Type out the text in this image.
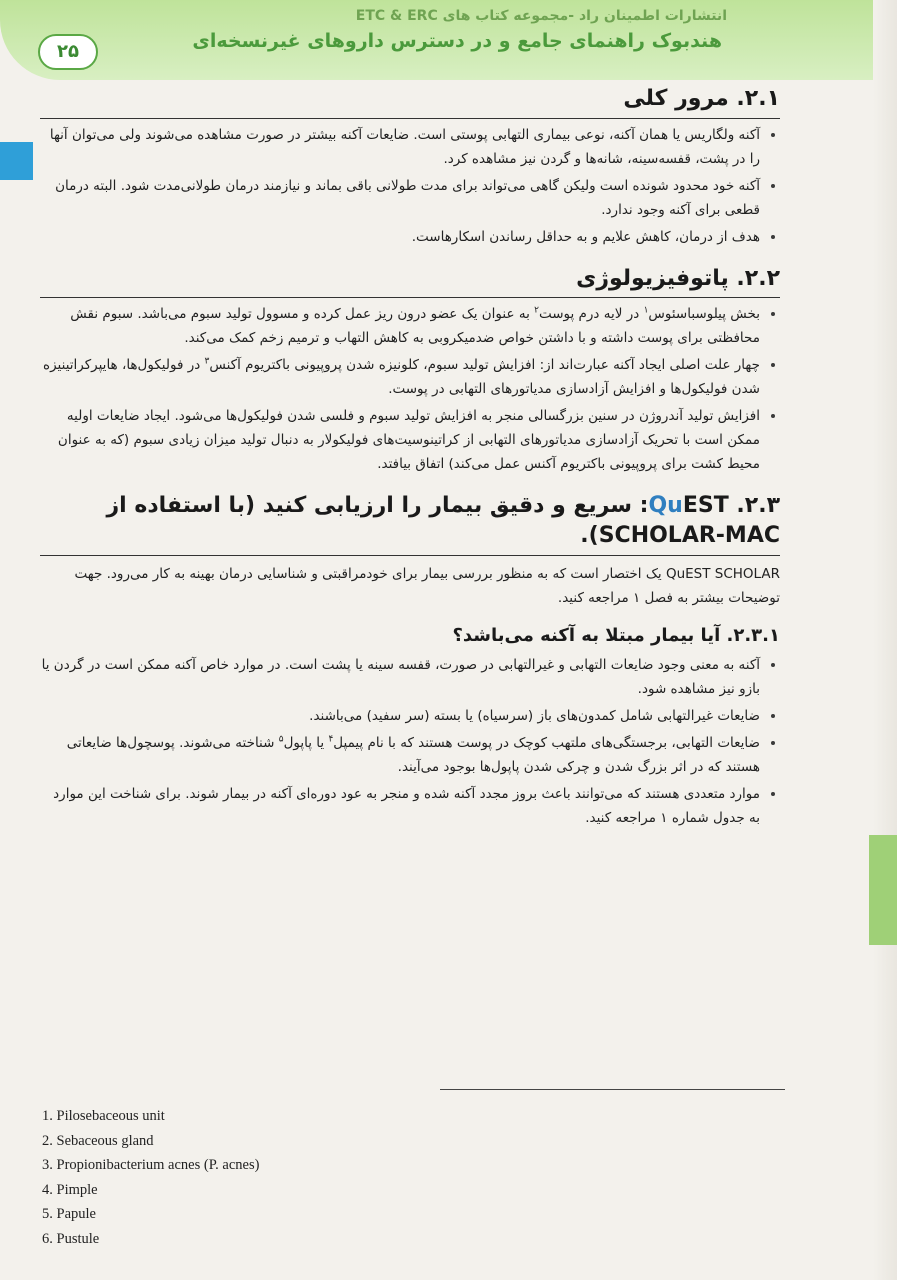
انتشارات اطمینان راد -مجموعه کتاب های ETC & ERC
هندبوک راهنمای جامع و در دسترس داروهای غیرنسخه‌ای
۲۵
۲.۱. مرور کلی
• آکنه ولگاریس یا همان آکنه، نوعی بیماری التهابی پوستی است. ضایعات آکنه بیشتر در صورت مشاهده می‌شوند ولی می‌توان آنها را در پشت، قفسه‌سینه، شانه‌ها و گردن نیز مشاهده کرد.
• آکنه خود محدود شونده است ولیکن گاهی می‌تواند برای مدت طولانی باقی بماند و نیازمند درمان طولانی‌مدت شود. البته درمان قطعی برای آکنه وجود ندارد.
• هدف از درمان، کاهش علایم و به حداقل رساندن اسکارهاست.
۲.۲. پاتوفیزیولوژی
• بخش پیلوسباسئوس$^۱$ در لایه درم پوست$^۲$ به عنوان یک عضو درون ریز عمل کرده و مسوول تولید سبوم می‌باشد. سبوم نقش محافظتی برای پوست داشته و با داشتن خواص ضدمیکروبی به کاهش التهاب و ترمیم زخم کمک می‌کند.
• چهار علت اصلی ایجاد آکنه عبارت‌اند از: افزایش تولید سبوم، کلونیزه شدن پروپیونی باکتریوم آکنس$^۳$ در فولیکول‌ها، هایپرکراتینیزه شدن فولیکول‌ها و افزایش آزادسازی مدیاتورهای التهابی در پوست.
• افزایش تولید آندروژن در سنین بزرگسالی منجر به افزایش تولید سبوم و فلسی شدن فولیکول‌ها می‌شود. ایجاد ضایعات اولیه ممکن است با تحریک آزادسازی مدیاتورهای التهابی از کراتینوسیت‌های فولیکولار به دنبال تولید میزان زیادی سبوم (که به عنوان محیط کشت برای پروپیونی باکتریوم آکنس عمل می‌کند) اتفاق بیافتد.
۲.۳. QuEST: سریع و دقیق بیمار را ارزیابی کنید (با استفاده از SCHOLAR-MAC).

QuEST SCHOLAR یک اختصار است که به منظور بررسی بیمار برای خودمراقبتی و شناسایی درمان بهینه به کار می‌رود. جهت توضیحات بیشتر به فصل ۱ مراجعه کنید.

۲.۳.۱. آیا بیمار مبتلا به آکنه می‌باشد؟
• آکنه به معنی وجود ضایعات التهابی و غیرالتهابی در صورت، قفسه سینه یا پشت است. در موارد خاص آکنه ممکن است در گردن یا بازو نیز مشاهده شود.
• ضایعات غیرالتهابی شامل کمدون‌های باز (سرسیاه) یا بسته (سر سفید) می‌باشند.
• ضایعات التهابی، برجستگی‌های ملتهب کوچک در پوست هستند که با نام پیمپل$^۴$ یا پاپول$^۵$ شناخته می‌شوند. پوسچول‌ها ضایعاتی هستند که در اثر بزرگ شدن و چرکی شدن پاپول‌ها بوجود می‌آیند.
• موارد متعددی هستند که می‌توانند باعث بروز مجدد آکنه شده و منجر به عود دوره‌ای آکنه در بیمار شوند. برای شناخت این موارد به جدول شماره ۱ مراجعه کنید.
1. Pilosebaceous unit
2. Sebaceous gland
3. Propionibacterium acnes (P. acnes)
4. Pimple
5. Papule
6. Pustule
